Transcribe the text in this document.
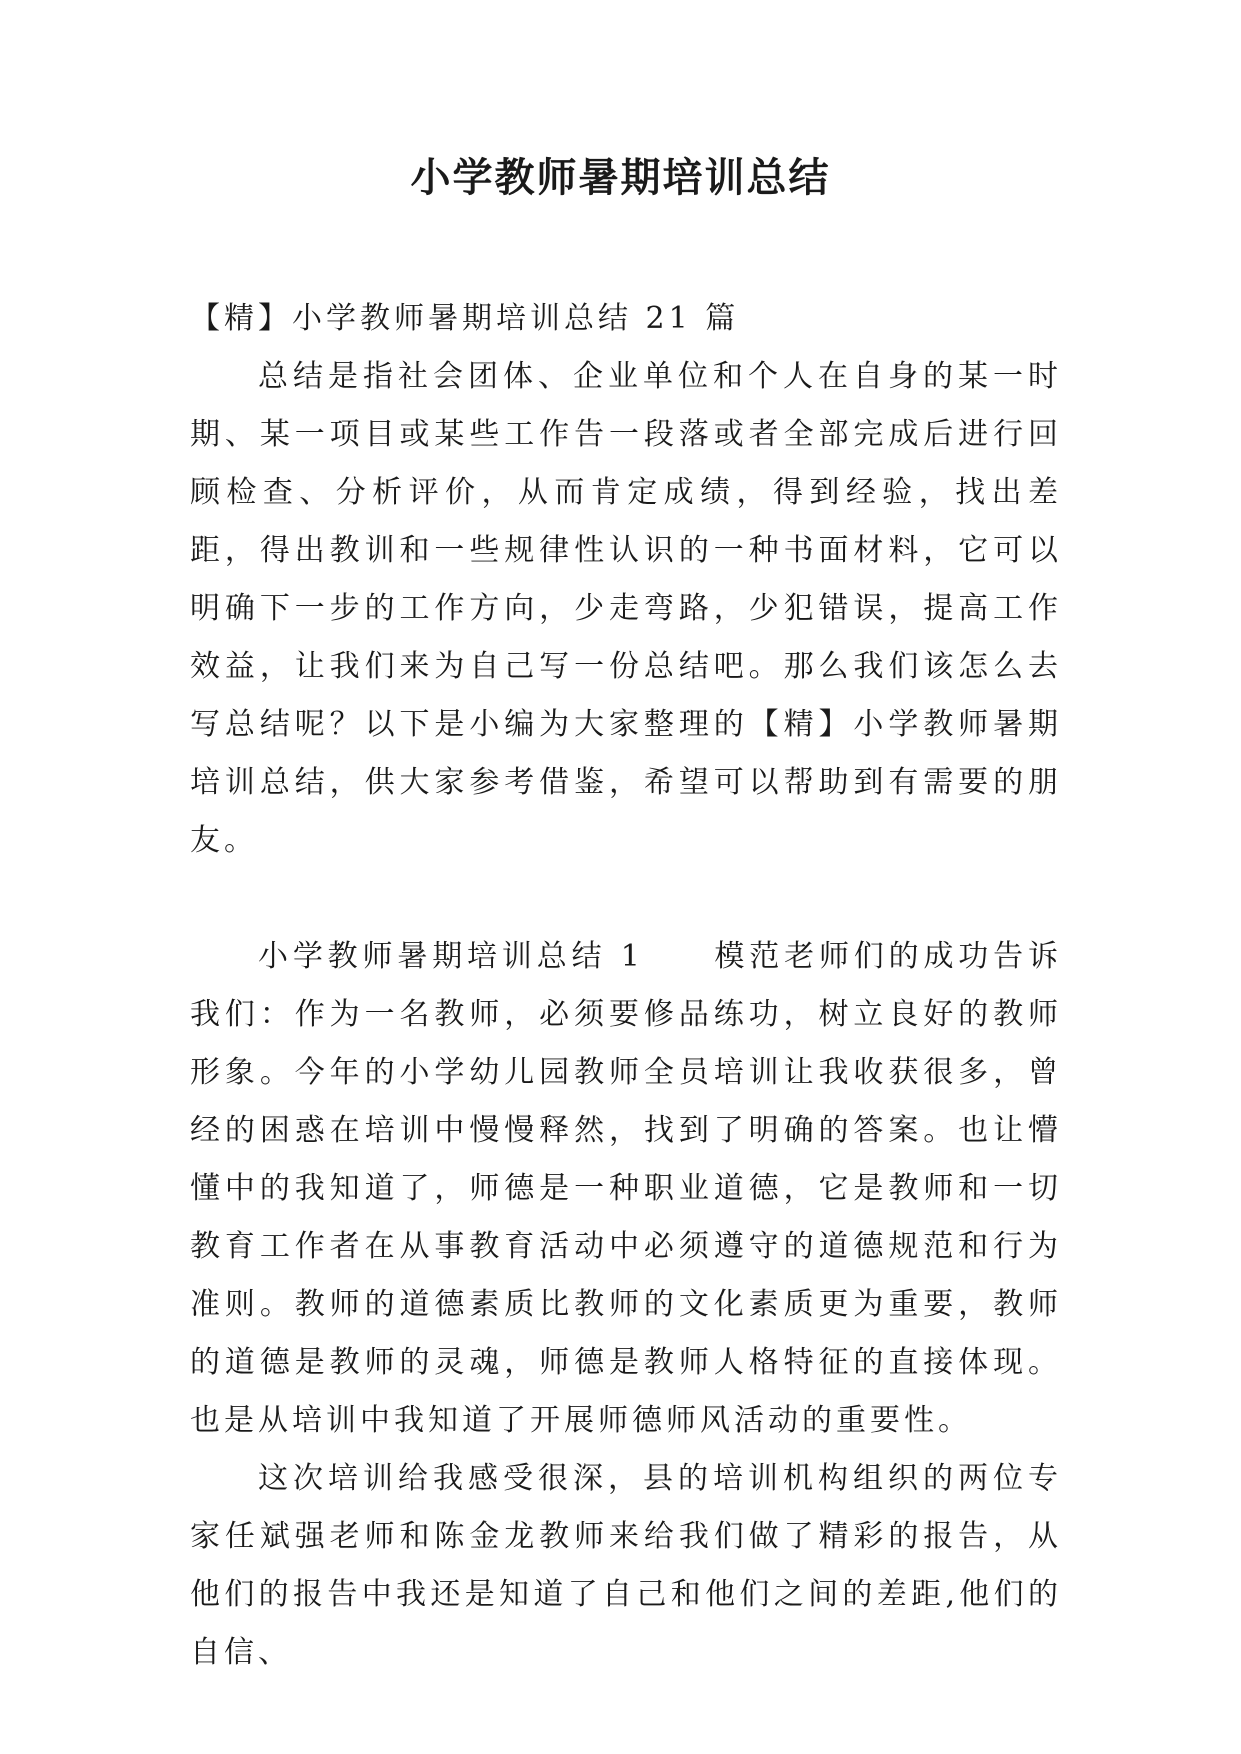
小学教师暑期培训总结

【精】小学教师暑期培训总结 21 篇

总结是指社会团体、企业单位和个人在自身的某一时期、某一项目或某些工作告一段落或者全部完成后进行回顾检查、分析评价，从而肯定成绩，得到经验，找出差距，得出教训和一些规律性认识的一种书面材料，它可以明确下一步的工作方向，少走弯路，少犯错误，提高工作效益，让我们来为自己写一份总结吧。那么我们该怎么去写总结呢？以下是小编为大家整理的【精】小学教师暑期培训总结，供大家参考借鉴，希望可以帮助到有需要的朋友。

小学教师暑期培训总结 1　　模范老师们的成功告诉我们：作为一名教师，必须要修品练功，树立良好的教师形象。今年的小学幼儿园教师全员培训让我收获很多，曾经的困惑在培训中慢慢释然，找到了明确的答案。也让懵懂中的我知道了，师德是一种职业道德，它是教师和一切教育工作者在从事教育活动中必须遵守的道德规范和行为准则。教师的道德素质比教师的文化素质更为重要，教师的道德是教师的灵魂，师德是教师人格特征的直接体现。也是从培训中我知道了开展师德师风活动的重要性。

这次培训给我感受很深，县的培训机构组织的两位专家任斌强老师和陈金龙教师来给我们做了精彩的报告，从他们的报告中我还是知道了自己和他们之间的差距,他们的自信、
